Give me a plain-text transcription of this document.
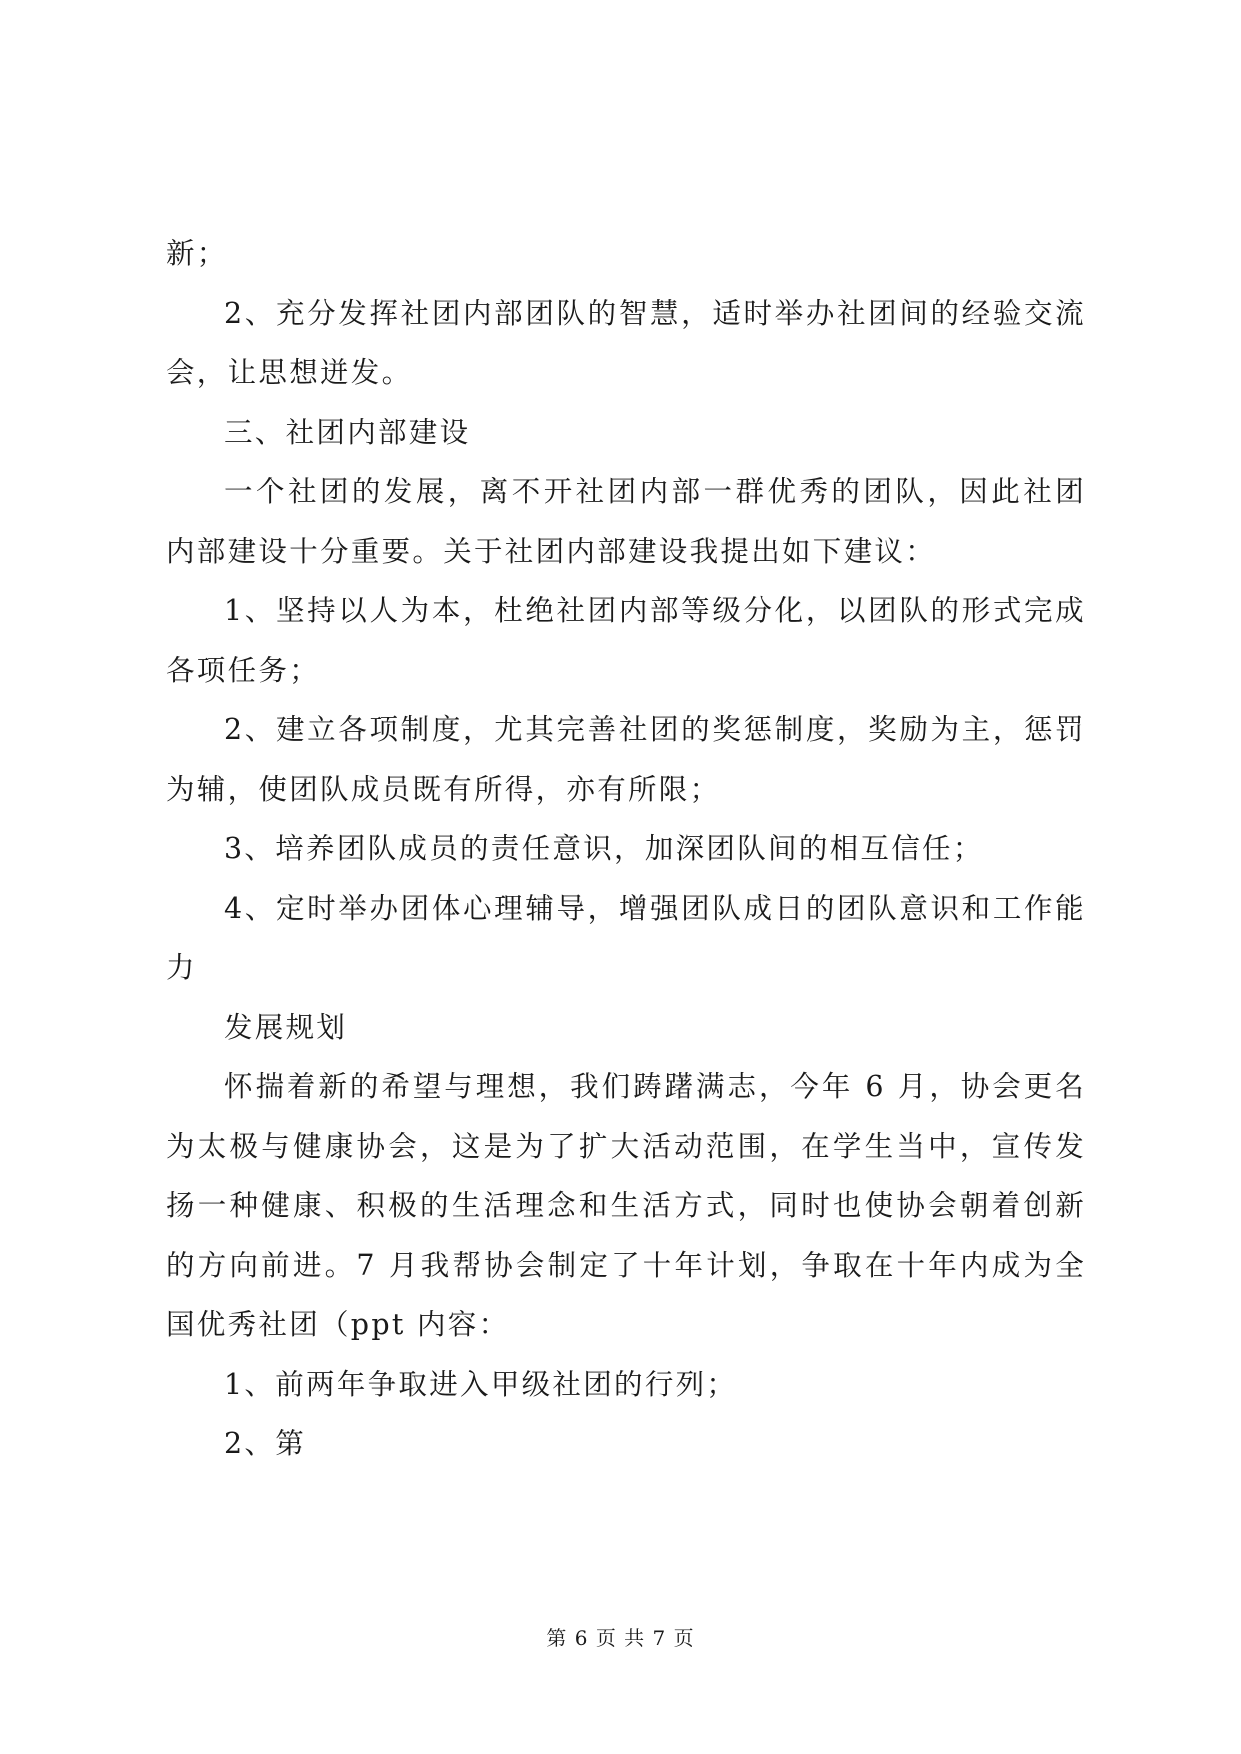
新；

2、充分发挥社团内部团队的智慧，适时举办社团间的经验交流会，让思想迸发。

三、社团内部建设

一个社团的发展，离不开社团内部一群优秀的团队，因此社团内部建设十分重要。关于社团内部建设我提出如下建议：

1、坚持以人为本，杜绝社团内部等级分化，以团队的形式完成各项任务；

2、建立各项制度，尤其完善社团的奖惩制度，奖励为主，惩罚为辅，使团队成员既有所得，亦有所限；

3、培养团队成员的责任意识，加深团队间的相互信任；

4、定时举办团体心理辅导，增强团队成日的团队意识和工作能力

发展规划

怀揣着新的希望与理想，我们踌躇满志，今年 6 月，协会更名为太极与健康协会，这是为了扩大活动范围，在学生当中，宣传发扬一种健康、积极的生活理念和生活方式，同时也使协会朝着创新的方向前进。7 月我帮协会制定了十年计划，争取在十年内成为全国优秀社团（ppt 内容：

1、前两年争取进入甲级社团的行列；

2、第

第 6 页 共 7 页
